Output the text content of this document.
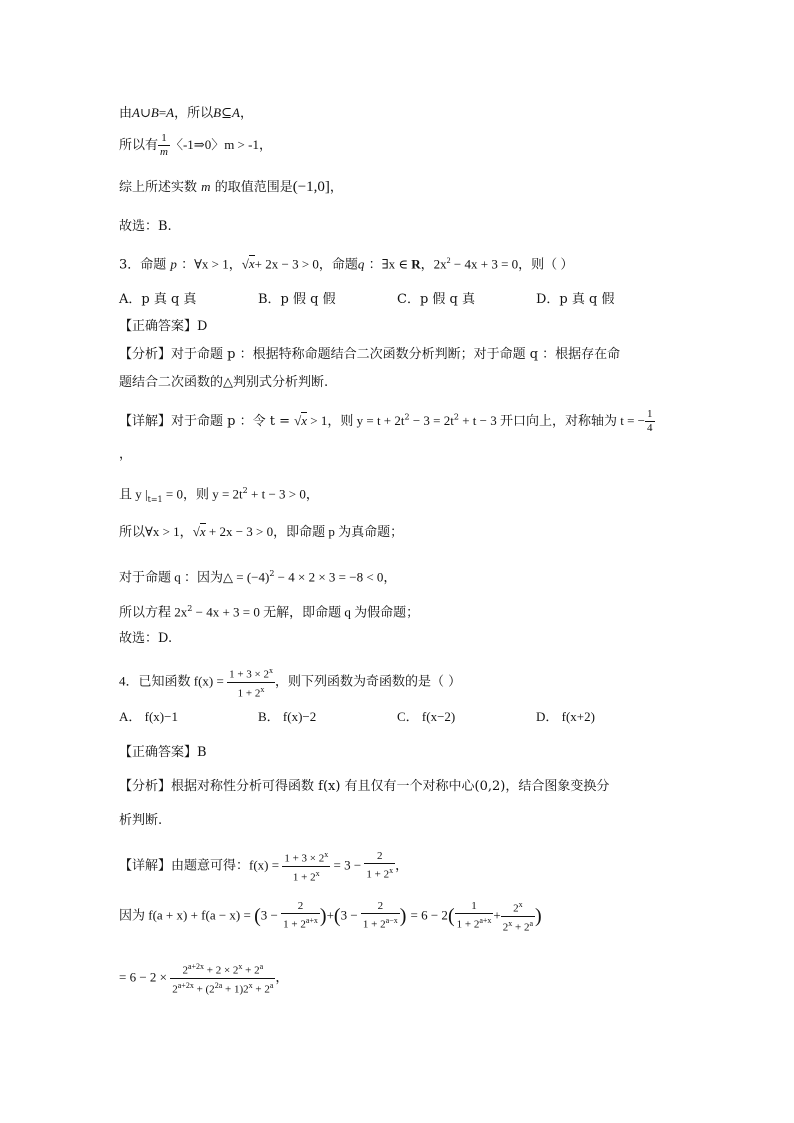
由A∪B=A，所以B⊆A，
所以有 $\frac{1}{m}$ 〈-1⇒0〉m > -1，
综上所述实数 m 的取值范围是(−1,0]，
故选：B.
3．命题 p ：∀x > 1，√x+ 2x − 3 > 0，命题q ：∃x ∈ R，$2x^2 - 4x + 3 = 0$，则（ ）
A．p 真 q 真	B．p 假 q 假	C．p 假 q 真	D．p 真 q 假
【正确答案】D
【分析】对于命题 p ：根据特称命题结合二次函数分析判断；对于命题 q ：根据存在命
题结合二次函数的△判别式分析判断.
【详解】对于命题 p ：令 t = √x > 1，则 $y = t + 2t^2 - 3 = 2t^2 + t - 3$ 开口向上，对称轴为 t = − $\frac{1}{4}$
，
且 y $|_{t=1} = 0$，则 $y = 2t^2 + t - 3 > 0$，
所以∀x > 1，√x + 2x − 3 > 0，即命题 p 为真命题；
对于命题 q ：因为△ = $(-4)^2 - 4 \times 2 \times 3 = -8 < 0$，
所以方程 $2x^2 - 4x + 3 = 0$ 无解，即命题 q 为假命题；
故选：D.
4．已知函数 $f(x) = \frac{1 + 3 \times 2^x}{1 + 2^x}$ ，则下列函数为奇函数的是（ ）
A． f(x)−1	B． f(x)−2	C． f(x−2)	D． f(x+2)
【正确答案】B
【分析】根据对称性分析可得函数 f(x) 有且仅有一个对称中心(0,2)，结合图象变换分
析判断.
【详解】由题意可得：$f(x) = \frac{1 + 3 \times 2^x}{1 + 2^x} = 3 - \frac{2}{1 + 2^x}$ ，
因为 $f(a + x) + f(a - x) = (3 - \frac{2}{1 + 2^{a+x}} )+(3 - \frac{2}{1 + 2^{a-x}}$ ) = $6 - 2( \frac{1}{1 + 2^{a+x}} + \frac{2^x}{2^x + 2^a}$ )
= $6 - 2 \times \frac{2^{a+2x} + 2 \times 2^x + 2^a}{2^{a+2x} + (2^{2a} + 1)2^x + 2^a}$ ，
